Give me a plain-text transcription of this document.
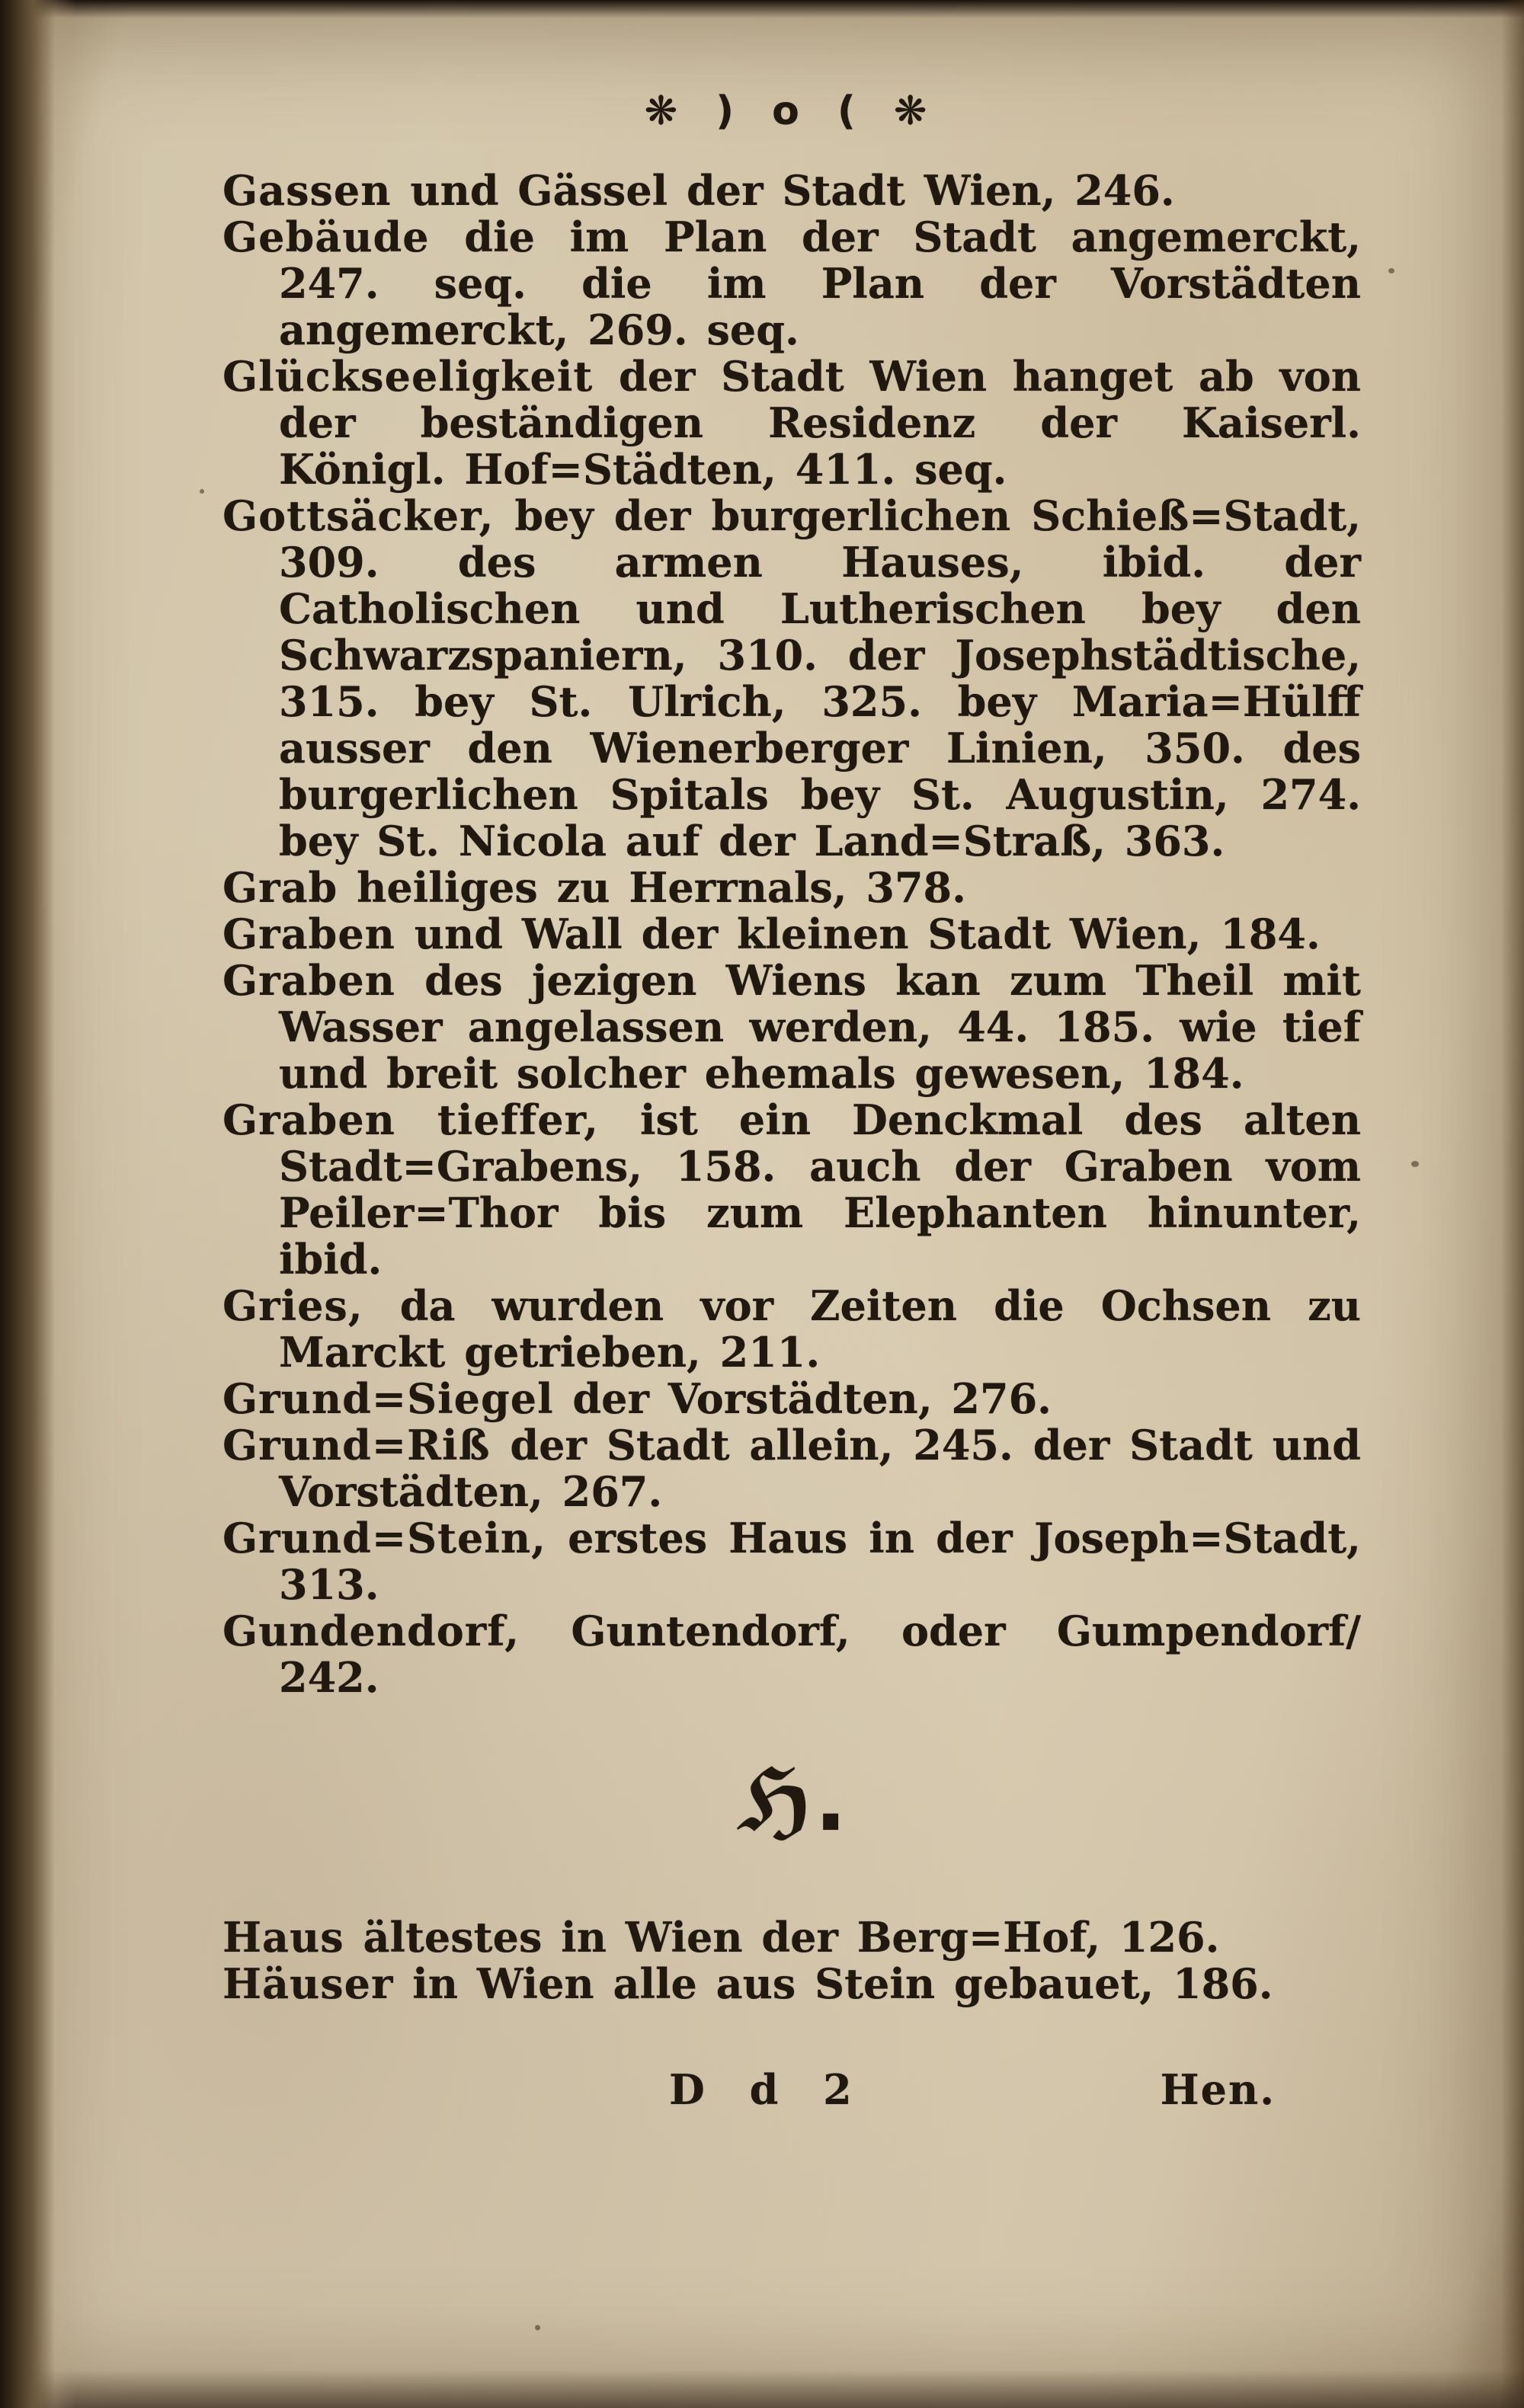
❋ ) o ( ❋

Gassen und Gässel der Stadt Wien, 246.

Gebäude die im Plan der Stadt angemerckt, 247. seq. die im Plan der Vorstädten angemerckt, 269. seq.

Glückseeligkeit der Stadt Wien hanget ab von der beständigen Residenz der Kaiserl. Königl. Hof=Städten, 411. seq.

Gottsäcker, bey der burgerlichen Schieß=Stadt, 309. des armen Hauses, ibid. der Catholischen und Lutherischen bey den Schwarzspaniern, 310. der Josephstädtische, 315. bey St. Ulrich, 325. bey Maria=Hülff ausser den Wienerberger Linien, 350. des burgerlichen Spitals bey St. Augustin, 274. bey St. Nicola auf der Land=Straß, 363.

Grab heiliges zu Herrnals, 378.

Graben und Wall der kleinen Stadt Wien, 184.

Graben des jezigen Wiens kan zum Theil mit Wasser angelassen werden, 44. 185. wie tief und breit solcher ehemals gewesen, 184.

Graben tieffer, ist ein Denckmal des alten Stadt=Grabens, 158. auch der Graben vom Peiler=Thor bis zum Elephanten hinunter, ibid.

Gries, da wurden vor Zeiten die Ochsen zu Marckt getrieben, 211.

Grund=Siegel der Vorstädten, 276.

Grund=Riß der Stadt allein, 245. der Stadt und Vorstädten, 267.

Grund=Stein, erstes Haus in der Joseph=Stadt, 313.

Gundendorf, Guntendorf, oder Gumpendorf/ 242.

ℌ.

Haus ältestes in Wien der Berg=Hof, 126.

Häuser in Wien alle aus Stein gebauet, 186.

D d 2	Hen.
